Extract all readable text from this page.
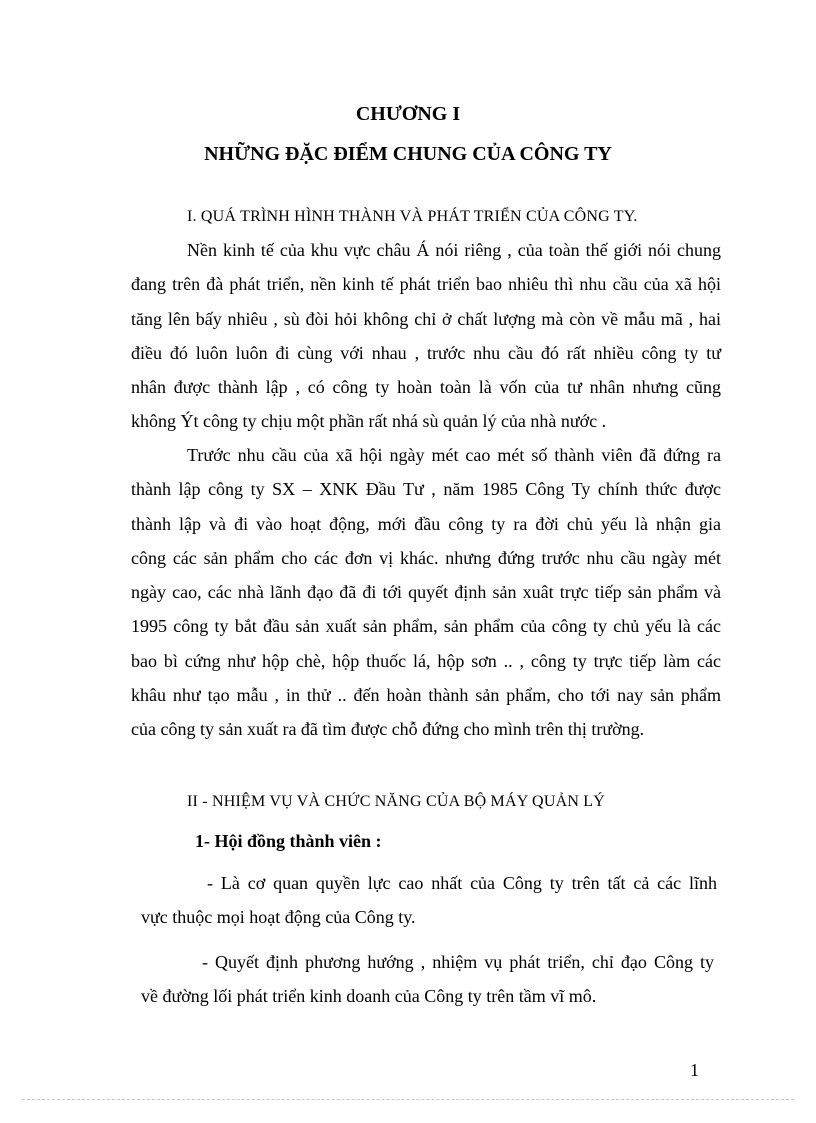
CHƯƠNG I

NHỮNG ĐẶC ĐIỂM CHUNG CỦA CÔNG TY

I. QUÁ TRÌNH HÌNH THÀNH VÀ PHÁT TRIỂN CỦA CÔNG TY.

Nền kinh tế của khu vực châu Á nói riêng , của toàn thế giới nói chung

đang trên đà phát triển, nền kinh tế phát triển bao nhiêu thì nhu cầu của xã hội

tăng lên bấy nhiêu , sù đòi hỏi không chỉ ở chất lượng mà còn về mẫu mã , hai

điều đó luôn luôn đi cùng với nhau , trước nhu cầu đó rất nhiều công ty tư

nhân được thành lập , có công ty hoàn toàn là vốn của tư nhân nhưng cũng

không Ýt công ty chịu một phần rất nhá sù quản lý của nhà nước .

Trước nhu cầu của xã hội ngày mét cao mét số thành viên đã đứng ra

thành lập công ty SX – XNK Đầu Tư , năm 1985 Công Ty chính thức được

thành lập và đi vào hoạt động, mới đầu công ty ra đời chủ yếu là nhận gia

công các sản phẩm cho các đơn vị khác. nhưng đứng trước nhu cầu ngày mét

ngày cao, các nhà lãnh đạo đã đi tới quyết định sản xuât trực tiếp sản phẩm và

1995 công ty bắt đầu sản xuất sản phẩm, sản phẩm của công ty chủ yếu là các

bao bì cứng như hộp chè, hộp thuốc lá, hộp sơn .. , công ty trực tiếp làm các

khâu như tạo mẫu , in thử .. đến hoàn thành sản phẩm, cho tới nay sản phẩm

của công ty sản xuất ra đã tìm được chỗ đứng cho mình trên thị trường.

II - NHIỆM VỤ VÀ CHỨC NĂNG CỦA BỘ MÁY QUẢN LÝ

1- Hội đồng thành viên :

- Là cơ quan quyền lực cao nhất của Công ty trên tất cả các lĩnh

vực thuộc mọi hoạt động của Công ty.

- Quyết định phương hướng , nhiệm vụ phát triển, chỉ đạo Công ty

về đường lối phát triển kinh doanh của Công ty trên tầm vĩ mô.

1
